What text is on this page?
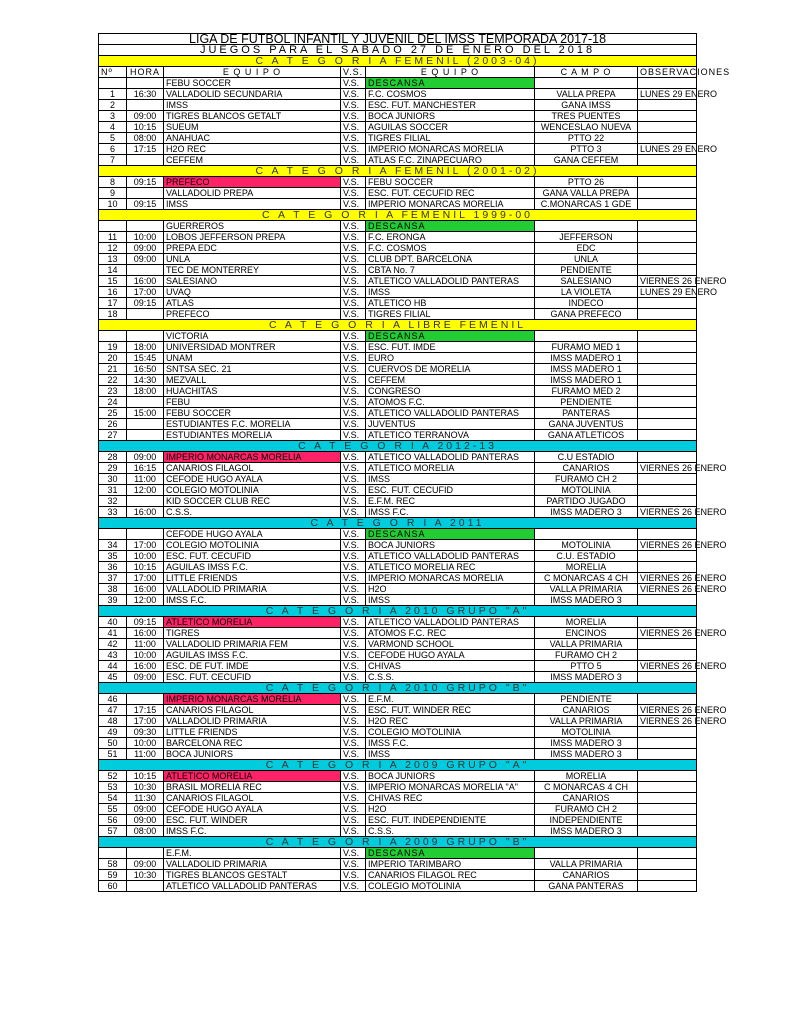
LIGA DE FUTBOL INFANTIL Y JUVENIL DEL IMSS TEMPORADA 2017-18						
JUEGOS PARA EL SABADO 27 DE ENERO DEL 2018						
C A T E G O R I A FEMENIL (2003-04)						
Nº	HORA	E Q U I P O	V.S.	E Q U I P O	C A M P O	OBSERVACIONES
		FEBU SOCCER	V.S.	DESCANSA		
1	16:30	VALLADOLID SECUNDARIA	V.S.	F.C. COSMOS	VALLA PREPA	LUNES 29 ENERO
2		IMSS	V.S.	ESC. FUT. MANCHESTER	GANA IMSS	
3	09:00	TIGRES BLANCOS GETALT	V.S.	BOCA JUNIORS	TRES PUENTES	
4	10:15	SUEUM	V.S.	AGUILAS SOCCER	WENCESLAO NUEVA	
5	08:00	ANAHUAC	V.S.	TIGRES FILIAL	PTTO 22	
6	17:15	H2O REC	V.S.	IMPERIO MONARCAS MORELIA	PTTO 3	LUNES 29 ENERO
7		CEFFEM	V.S.	ATLAS F.C. ZINAPECUARO	GANA CEFFEM	
C A T E G O R I A FEMENIL (2001-02)						
8	09:15	PREFECO	V.S.	FEBU SOCCER	PTTO 26	
9		VALLADOLID PREPA	V.S.	ESC. FUT. CECUFID REC	GANA VALLA PREPA	
10	09:15	IMSS	V.S.	IMPERIO MONARCAS MORELIA	C.MONARCAS 1 GDE	
C A T E G O R I A FEMENIL 1999-00						
		GUERREROS	V.S.	DESCANSA		
11	10:00	LOBOS JEFFERSON PREPA	V.S.	F.C. ERONGA	JEFFERSON	
12	09:00	PREPA EDC	V.S.	F.C. COSMOS	EDC	
13	09:00	UNLA	V.S.	CLUB DPT. BARCELONA	UNLA	
14		TEC DE MONTERREY	V.S.	CBTA No. 7	PENDIENTE	
15	16:00	SALESIANO	V.S.	ATLETICO VALLADOLID PANTERAS	SALESIANO	VIERNES 26 ENERO
16	17:00	UVAQ	V.S.	IMSS	LA VIOLETA	LUNES 29 ENERO
17	09:15	ATLAS	V.S.	ATLETICO HB	INDECO	
18		PREFECO	V.S.	TIGRES FILIAL	GANA PREFECO	
C A T E G O R I A LIBRE FEMENIL						
		VICTORIA	V.S.	DESCANSA		
19	18:00	UNIVERSIDAD MONTRER	V.S.	ESC. FUT. IMDE	FURAMO MED 1	
20	15:45	UNAM	V.S.	EURO	IMSS MADERO 1	
21	16:50	SNTSA SEC. 21	V.S.	CUERVOS DE MORELIA	IMSS MADERO 1	
22	14:30	MEZVALL	V.S.	CEFFEM	IMSS MADERO 1	
23	18:00	HUACHITAS	V.S.	CONGRESO	FURAMO MED 2	
24		FEBU	V.S.	ATOMOS F.C.	PENDIENTE	
25	15:00	FEBU SOCCER	V.S.	ATLETICO VALLADOLID PANTERAS	PANTERAS	
26		ESTUDIANTES F.C. MORELIA	V.S.	JUVENTUS	GANA JUVENTUS	
27		ESTUDIANTES MORELIA	V.S.	ATLETICO TERRANOVA	GANA ATLETICOS	
C A T E G O R I A 2012-13						
28	09:00	IMPERIO MONARCAS MORELIA	V.S.	ATLETICO VALLADOLID PANTERAS	C.U ESTADIO	
29	16:15	CANARIOS FILAGOL	V.S.	ATLETICO MORELIA	CANARIOS	VIERNES 26 ENERO
30	11:00	CEFODE HUGO AYALA	V.S.	IMSS	FURAMO CH 2	
31	12:00	COLEGIO MOTOLINIA	V.S.	ESC. FUT. CECUFID	MOTOLINIA	
32		KID SOCCER CLUB REC	V.S.	E.F.M. REC	PARTIDO JUGADO	
33	16:00	C.S.S.	V.S.	IMSS F.C.	IMSS MADERO 3	VIERNES 26 ENERO
C A T E G O R I A 2011						
		CEFODE HUGO AYALA	V.S.	DESCANSA		
34	17:00	COLEGIO MOTOLINIA	V.S.	BOCA JUNIORS	MOTOLINIA	VIERNES 26 ENERO
35	10:00	ESC. FUT. CECUFID	V.S.	ATLETICO VALLADOLID PANTERAS	C.U. ESTADIO	
36	10:15	AGUILAS IMSS F.C.	V.S.	ATLETICO MORELIA REC	MORELIA	
37	17:00	LITTLE FRIENDS	V.S.	IMPERIO MONARCAS MORELIA	C MONARCAS 4 CH	VIERNES 26 ENERO
38	16:00	VALLADOLID PRIMARIA	V.S.	H2O	VALLA PRIMARIA	VIERNES 26 ENERO
39	12:00	IMSS F.C.	V.S.	IMSS	IMSS MADERO 3	
C A T E G O R I A 2010 GRUPO "A"						
40	09:15	ATLETICO MORELIA	V.S.	ATLETICO VALLADOLID PANTERAS	MORELIA	
41	16:00	TIGRES	V.S.	ATOMOS F.C. REC	ENCINOS	VIERNES 26 ENERO
42	11:00	VALLADOLID PRIMARIA FEM	V.S.	VARMOND SCHOOL	VALLA PRIMARIA	
43	10:00	AGUILAS IMSS F.C.	V.S.	CEFODE HUGO AYALA	FURAMO CH 2	
44	16:00	ESC. DE FUT. IMDE	V.S.	CHIVAS	PTTO 5	VIERNES 26 ENERO
45	09:00	ESC. FUT. CECUFID	V.S.	C.S.S.	IMSS MADERO 3	
C A T E G O R I A 2010 GRUPO "B"						
46		IMPERIO MONARCAS MORELIA	V.S.	E.F.M.	PENDIENTE	
47	17:15	CANARIOS FILAGOL	V.S.	ESC. FUT. WINDER REC	CANARIOS	VIERNES 26 ENERO
48	17:00	VALLADOLID PRIMARIA	V.S.	H2O REC	VALLA PRIMARIA	VIERNES 26 ENERO
49	09:30	LITTLE FRIENDS	V.S.	COLEGIO MOTOLINIA	MOTOLINIA	
50	10:00	BARCELONA REC	V.S.	IMSS F.C.	IMSS MADERO 3	
51	11:00	BOCA JUNIORS	V.S.	IMSS	IMSS MADERO 3	
C A T E G O R I A 2009 GRUPO "A"						
52	10:15	ATLETICO MORELIA	V.S.	BOCA JUNIORS	MORELIA	
53	10:30	BRASIL MORELIA REC	V.S.	IMPERIO MONARCAS MORELIA "A"	C MONARCAS 4 CH	
54	11:30	CANARIOS FILAGOL	V.S.	CHIVAS REC	CANARIOS	
55	09:00	CEFODE HUGO AYALA	V.S.	H2O	FURAMO CH 2	
56	09:00	ESC. FUT. WINDER	V.S.	ESC. FUT. INDEPENDIENTE	INDEPENDIENTE	
57	08:00	IMSS F.C.	V.S.	C.S.S.	IMSS MADERO 3	
C A T E G O R I A 2009 GRUPO "B"						
		E.F.M.	V.S.	DESCANSA		
58	09:00	VALLADOLID PRIMARIA	V.S.	IMPERIO TARIMBARO	VALLA PRIMARIA	
59	10:30	TIGRES BLANCOS GESTALT	V.S.	CANARIOS FILAGOL REC	CANARIOS	
60		ATLETICO VALLADOLID PANTERAS	V.S.	COLEGIO MOTOLINIA	GANA PANTERAS	
